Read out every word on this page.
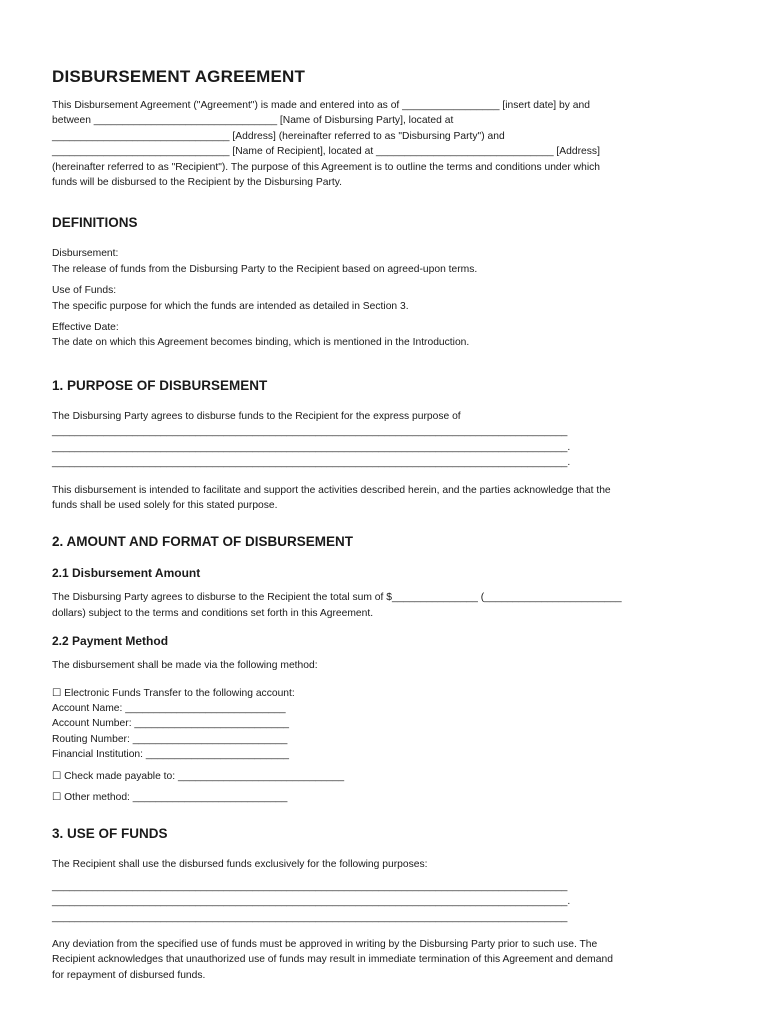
DISBURSEMENT AGREEMENT

This Disbursement Agreement ("Agreement") is made and entered into as of _________________ [insert date] by and

between ________________________________ [Name of Disbursing Party], located at

_______________________________ [Address] (hereinafter referred to as "Disbursing Party") and

_______________________________ [Name of Recipient], located at _______________________________ [Address]

(hereinafter referred to as "Recipient"). The purpose of this Agreement is to outline the terms and conditions under which

funds will be disbursed to the Recipient by the Disbursing Party.

DEFINITIONS

Disbursement:

The release of funds from the Disbursing Party to the Recipient based on agreed-upon terms.

Use of Funds:

The specific purpose for which the funds are intended as detailed in Section 3.

Effective Date:

The date on which this Agreement becomes binding, which is mentioned in the Introduction.

1. PURPOSE OF DISBURSEMENT

The Disbursing Party agrees to disburse funds to the Recipient for the express purpose of

__________________________________________________________________________________________

__________________________________________________________________________________________.

__________________________________________________________________________________________.

This disbursement is intended to facilitate and support the activities described herein, and the parties acknowledge that the

funds shall be used solely for this stated purpose.

2. AMOUNT AND FORMAT OF DISBURSEMENT
2.1 Disbursement Amount

The Disbursing Party agrees to disburse to the Recipient the total sum of $_______________ (________________________

dollars) subject to the terms and conditions set forth in this Agreement.

2.2 Payment Method

The disbursement shall be made via the following method:

☐ Electronic Funds Transfer to the following account:

Account Name: ____________________________

Account Number: ___________________________

Routing Number: ___________________________

Financial Institution: _________________________

☐ Check made payable to: _____________________________

☐ Other method: ___________________________

3. USE OF FUNDS

The Recipient shall use the disbursed funds exclusively for the following purposes:

__________________________________________________________________________________________

__________________________________________________________________________________________.

__________________________________________________________________________________________

Any deviation from the specified use of funds must be approved in writing by the Disbursing Party prior to such use. The

Recipient acknowledges that unauthorized use of funds may result in immediate termination of this Agreement and demand

for repayment of disbursed funds.
